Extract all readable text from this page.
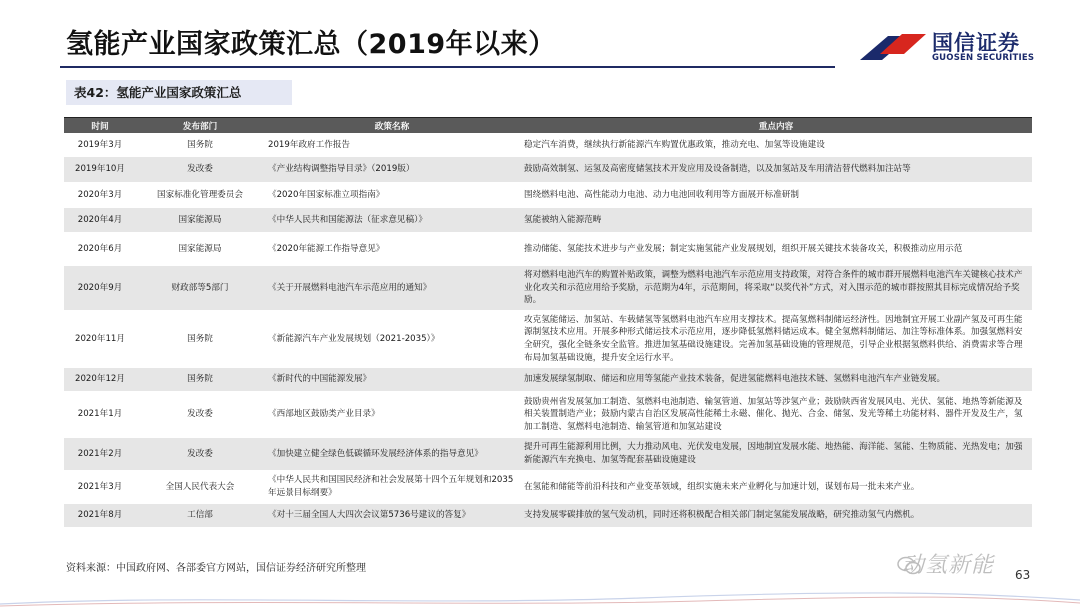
氢能产业国家政策汇总（2019年以来）	国信证券
GUOSEN SECURITIES
表42：氢能产业国家政策汇总
时间	发布部门	政策名称	重点内容
2019年3月	国务院	2019年政府工作报告	稳定汽车消费，继续执行新能源汽车购置优惠政策，推动充电、加氢等设施建设
2019年10月	发改委	《产业结构调整指导目录》（2019版）	鼓励高效制氢、运氢及高密度储氢技术开发应用及设备制造，以及加氢站及车用清洁替代燃料加注站等
2020年3月	国家标准化管理委员会	《2020年国家标准立项指南》	围绕燃料电池、高性能动力电池、动力电池回收利用等方面展开标准研制
2020年4月	国家能源局	《中华人民共和国能源法（征求意见稿）》	氢能被纳入能源范畴
2020年6月	国家能源局	《2020年能源工作指导意见》	推动储能、氢能技术进步与产业发展；制定实施氢能产业发展规划，组织开展关键技术装备攻关，积极推动应用示范
2020年9月	财政部等5部门	《关于开展燃料电池汽车示范应用的通知》	将对燃料电池汽车的购置补贴政策，调整为燃料电池汽车示范应用支持政策，对符合条件的城市群开展燃料电池汽车关键核心技术产业化攻关和示范应用给予奖励，示范期为4年，示范期间，将采取“以奖代补”方式，对入围示范的城市群按照其目标完成情况给予奖励。
2020年11月	国务院	《新能源汽车产业发展规划（2021-2035）》	攻克氢能储运、加氢站、车载储氢等氢燃料电池汽车应用支撑技术。提高氢燃料制储运经济性。因地制宜开展工业副产氢及可再生能源制氢技术应用。开展多种形式储运技术示范应用，逐步降低氢燃料储运成本。健全氢燃料制储运、加注等标准体系。加强氢燃料安全研究，强化全链条安全监管。推进加氢基础设施建设。完善加氢基础设施的管理规范，引导企业根据氢燃料供给、消费需求等合理布局加氢基础设施，提升安全运行水平。
2020年12月	国务院	《新时代的中国能源发展》	加速发展绿氢制取、储运和应用等氢能产业技术装备，促进氢能燃料电池技术链、氢燃料电池汽车产业链发展。
2021年1月	发改委	《西部地区鼓励类产业目录》	鼓励贵州省发展氢加工制造、氢燃料电池制造、输氢管道、加氢站等涉氢产业；鼓励陕西省发展风电、光伏、氢能、地热等新能源及相关装置制造产业；鼓励内蒙古自治区发展高性能稀土永磁、催化、抛光、合金、储氢、发光等稀土功能材料、器件开发及生产，氢加工制造、氢燃料电池制造、输氢管道和加氢站建设
2021年2月	发改委	《加快建立健全绿色低碳循环发展经济体系的指导意见》	提升可再生能源利用比例，大力推动风电、光伏发电发展，因地制宜发展水能、地热能、海洋能、氢能、生物质能、光热发电；加强新能源汽车充换电、加氢等配套基础设施建设
2021年3月	全国人民代表大会	《中华人民共和国国民经济和社会发展第十四个五年规划和2035年远景目标纲要》	在氢能和储能等前沿科技和产业变革领域，组织实施未来产业孵化与加速计划，谋划布局一批未来产业。
2021年8月	工信部	《对十三届全国人大四次会议第5736号建议的答复》	支持发展零碳排放的氢气发动机，同时还将积极配合相关部门制定氢能发展战略，研究推动氢气内燃机。
资料来源：中国政府网、各部委官方网站，国信证券经济研究所整理	动氢新能 63
